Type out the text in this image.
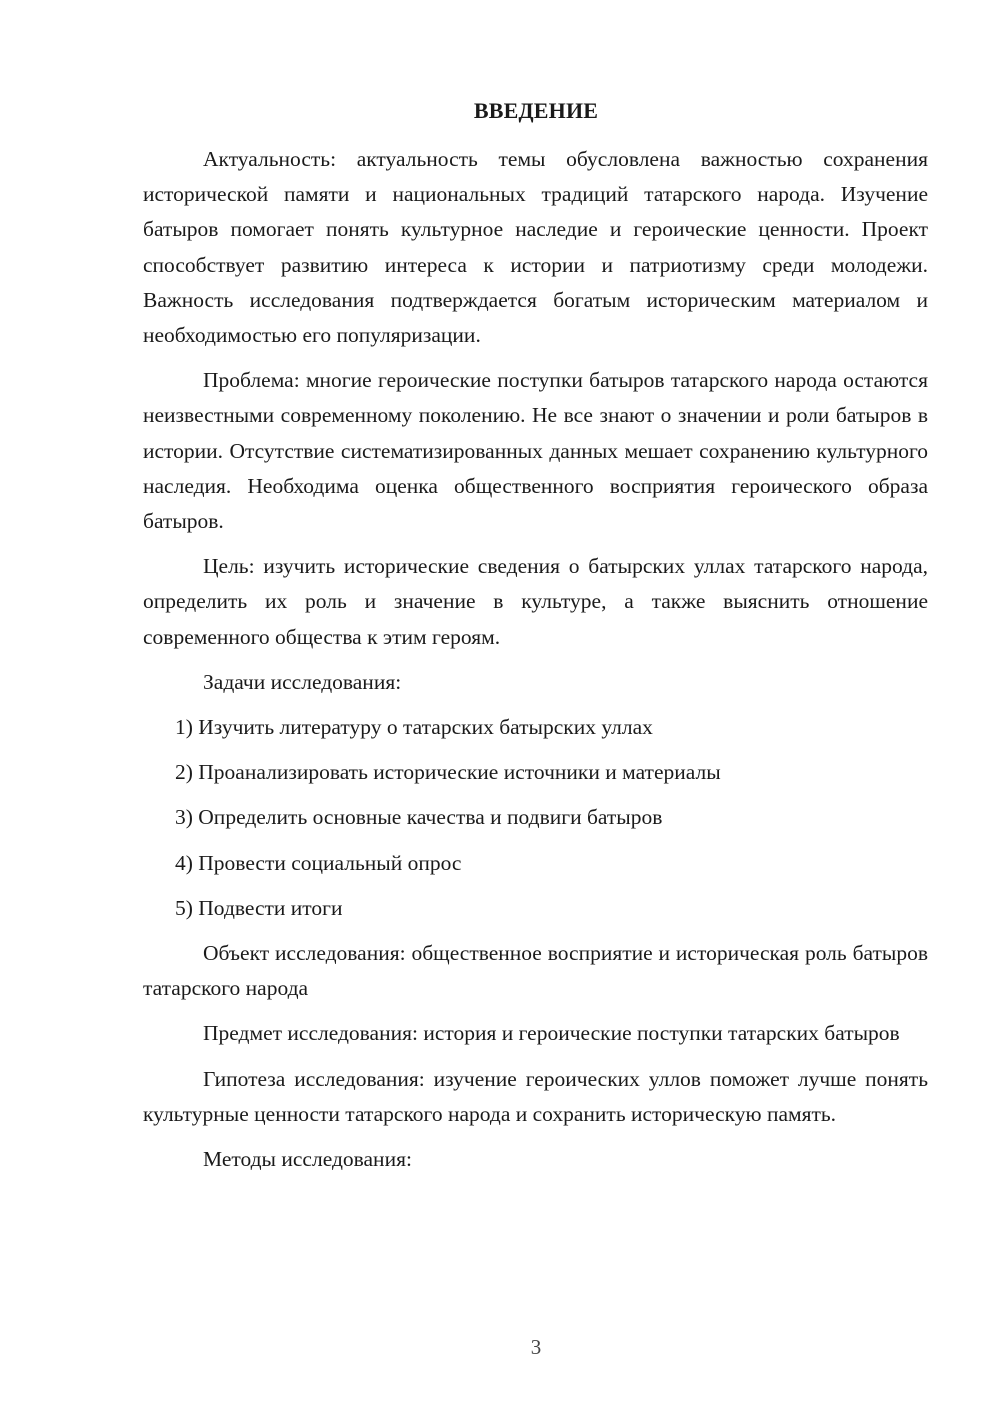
ВВЕДЕНИЕ

Актуальность: актуальность темы обусловлена важностью сохранения исторической памяти и национальных традиций татарского народа. Изучение батыров помогает понять культурное наследие и героические ценности. Проект способствует развитию интереса к истории и патриотизму среди молодежи. Важность исследования подтверждается богатым историческим материалом и необходимостью его популяризации.

Проблема: многие героические поступки батыров татарского народа остаются неизвестными современному поколению. Не все знают о значении и роли батыров в истории. Отсутствие систематизированных данных мешает сохранению культурного наследия. Необходима оценка общественного восприятия героического образа батыров.

Цель: изучить исторические сведения о батырских уллах татарского народа, определить их роль и значение в культуре, а также выяснить отношение современного общества к этим героям.

Задачи исследования:

1) Изучить литературу о татарских батырских уллах

2) Проанализировать исторические источники и материалы

3) Определить основные качества и подвиги батыров

4) Провести социальный опрос

5) Подвести итоги

Объект исследования: общественное восприятие и историческая роль батыров татарского народа

Предмет исследования: история и героические поступки татарских батыров

Гипотеза исследования: изучение героических уллов поможет лучше понять культурные ценности татарского народа и сохранить историческую память.

Методы исследования:

3
